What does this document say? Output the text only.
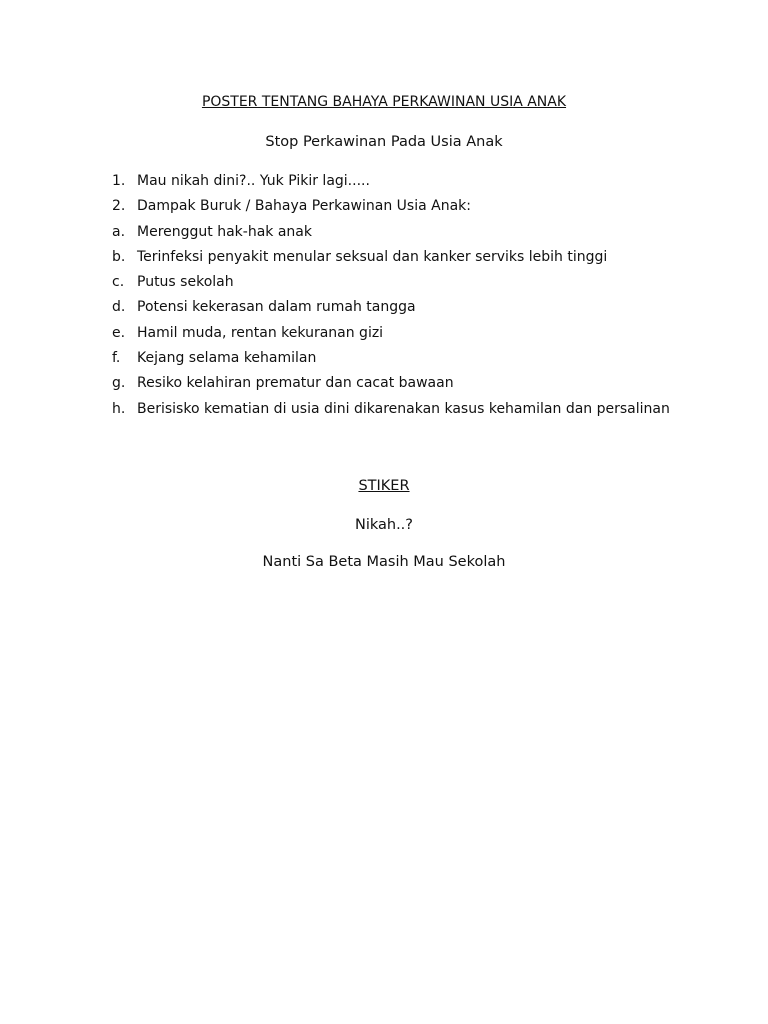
POSTER TENTANG BAHAYA PERKAWINAN USIA ANAK
Stop Perkawinan Pada Usia Anak
1. Mau nikah dini?.. Yuk Pikir lagi.....
2. Dampak Buruk / Bahaya Perkawinan Usia Anak:
a. Merenggut hak-hak anak
b. Terinfeksi penyakit menular seksual dan kanker serviks lebih tinggi
c. Putus sekolah
d. Potensi kekerasan dalam rumah tangga
e. Hamil muda, rentan kekuranan gizi
f. Kejang selama kehamilan
g. Resiko kelahiran prematur dan cacat bawaan
h. Berisisko kematian di usia dini dikarenakan kasus kehamilan dan persalinan
STIKER
Nikah..?
Nanti Sa Beta Masih Mau Sekolah
